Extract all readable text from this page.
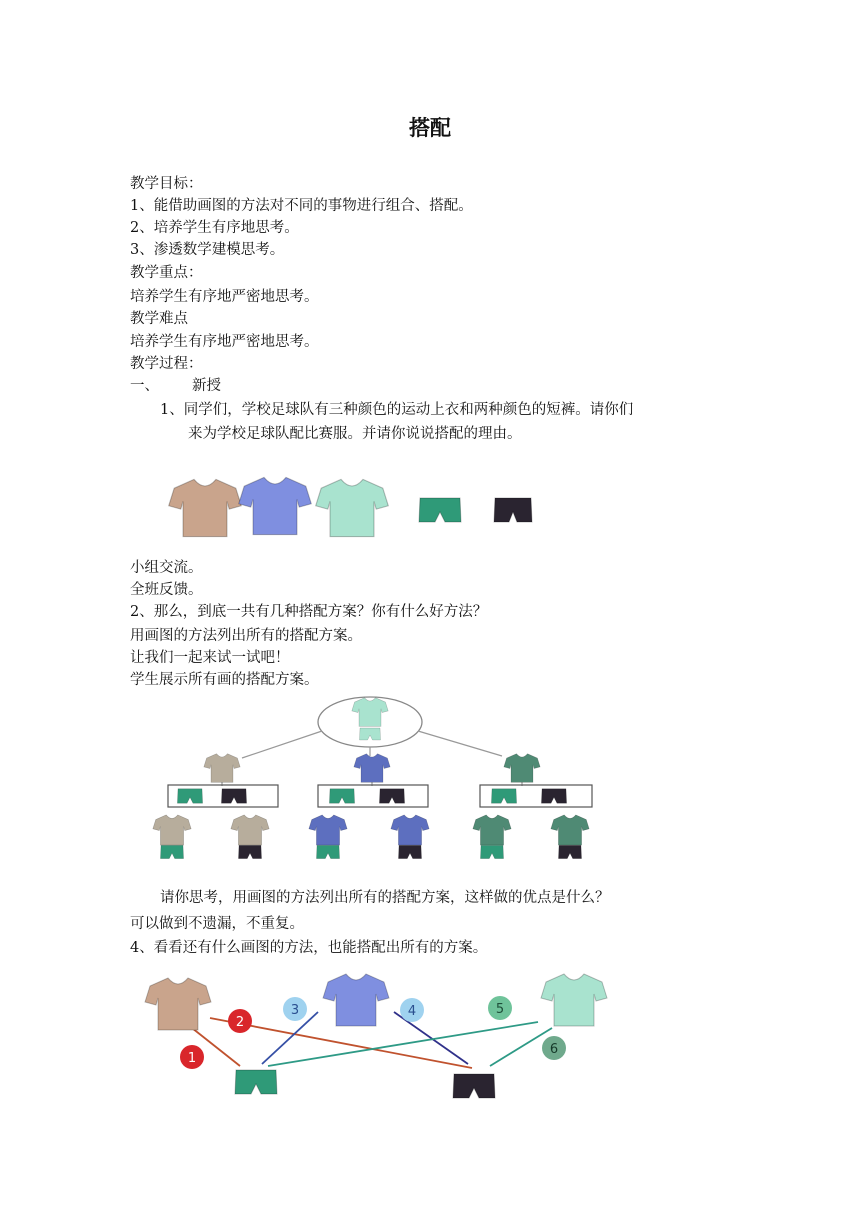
搭配
教学目标：
1、能借助画图的方法对不同的事物进行组合、搭配。
2、培养学生有序地思考。
3、渗透数学建模思考。
教学重点：
培养学生有序地严密地思考。
教学难点
培养学生有序地严密地思考。
教学过程：
一、 新授
1、同学们，学校足球队有三种颜色的运动上衣和两种颜色的短裤。请你们
来为学校足球队配比赛服。并请你说说搭配的理由。
小组交流。
全班反馈。
2、那么，到底一共有几种搭配方案？你有什么好方法？
用画图的方法列出所有的搭配方案。
让我们一起来试一试吧！
学生展示所有画的搭配方案。
请你思考，用画图的方法列出所有的搭配方案，这样做的优点是什么？
可以做到不遗漏，不重复。
4、看看还有什么画图的方法，也能搭配出所有的方案。
1
2
3	4	5
6
